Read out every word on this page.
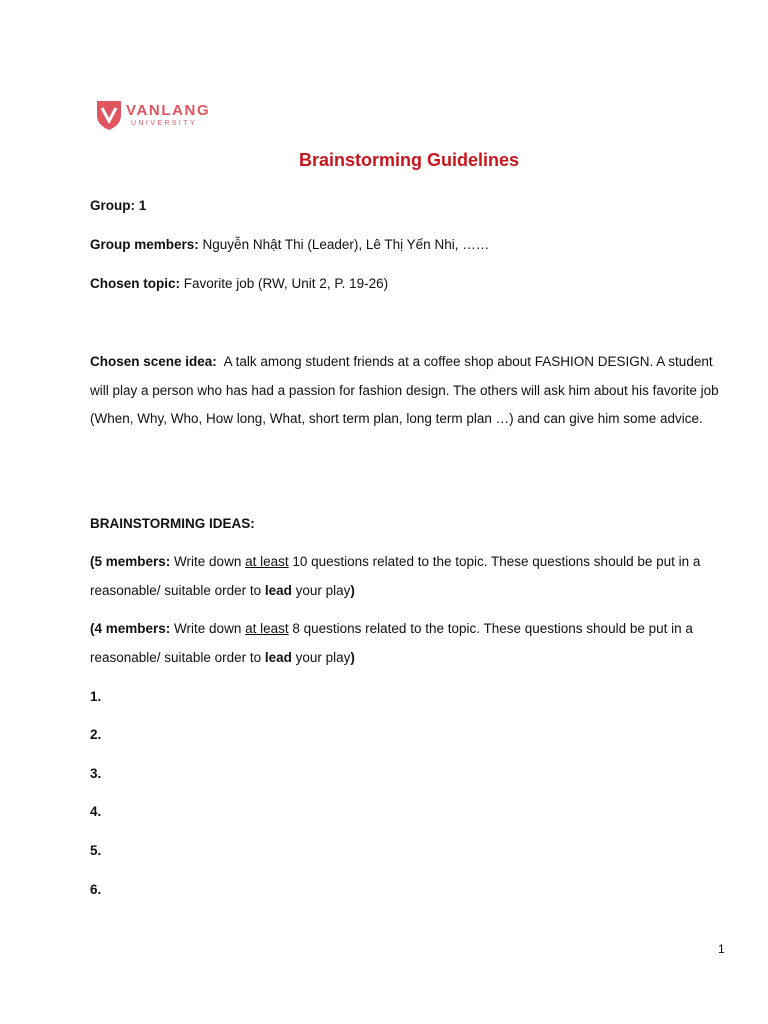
VANLANG
UNIVERSITY
Brainstorming Guidelines
Group: 1
Group members: Nguyễn Nhật Thi (Leader), Lê Thị Yến Nhi, ……
Chosen topic: Favorite job (RW, Unit 2, P. 19-26)
Chosen scene idea: A talk among student friends at a coffee shop about FASHION DESIGN. A student will play a person who has had a passion for fashion design. The others will ask him about his favorite job (When, Why, Who, How long, What, short term plan, long term plan …) and can give him some advice.
BRAINSTORMING IDEAS:
(5 members: Write down at least 10 questions related to the topic. These questions should be put in a reasonable/ suitable order to lead your play)
(4 members: Write down at least 8 questions related to the topic. These questions should be put in a reasonable/ suitable order to lead your play)
1.
2.
3.
4.
5.
6.
1
